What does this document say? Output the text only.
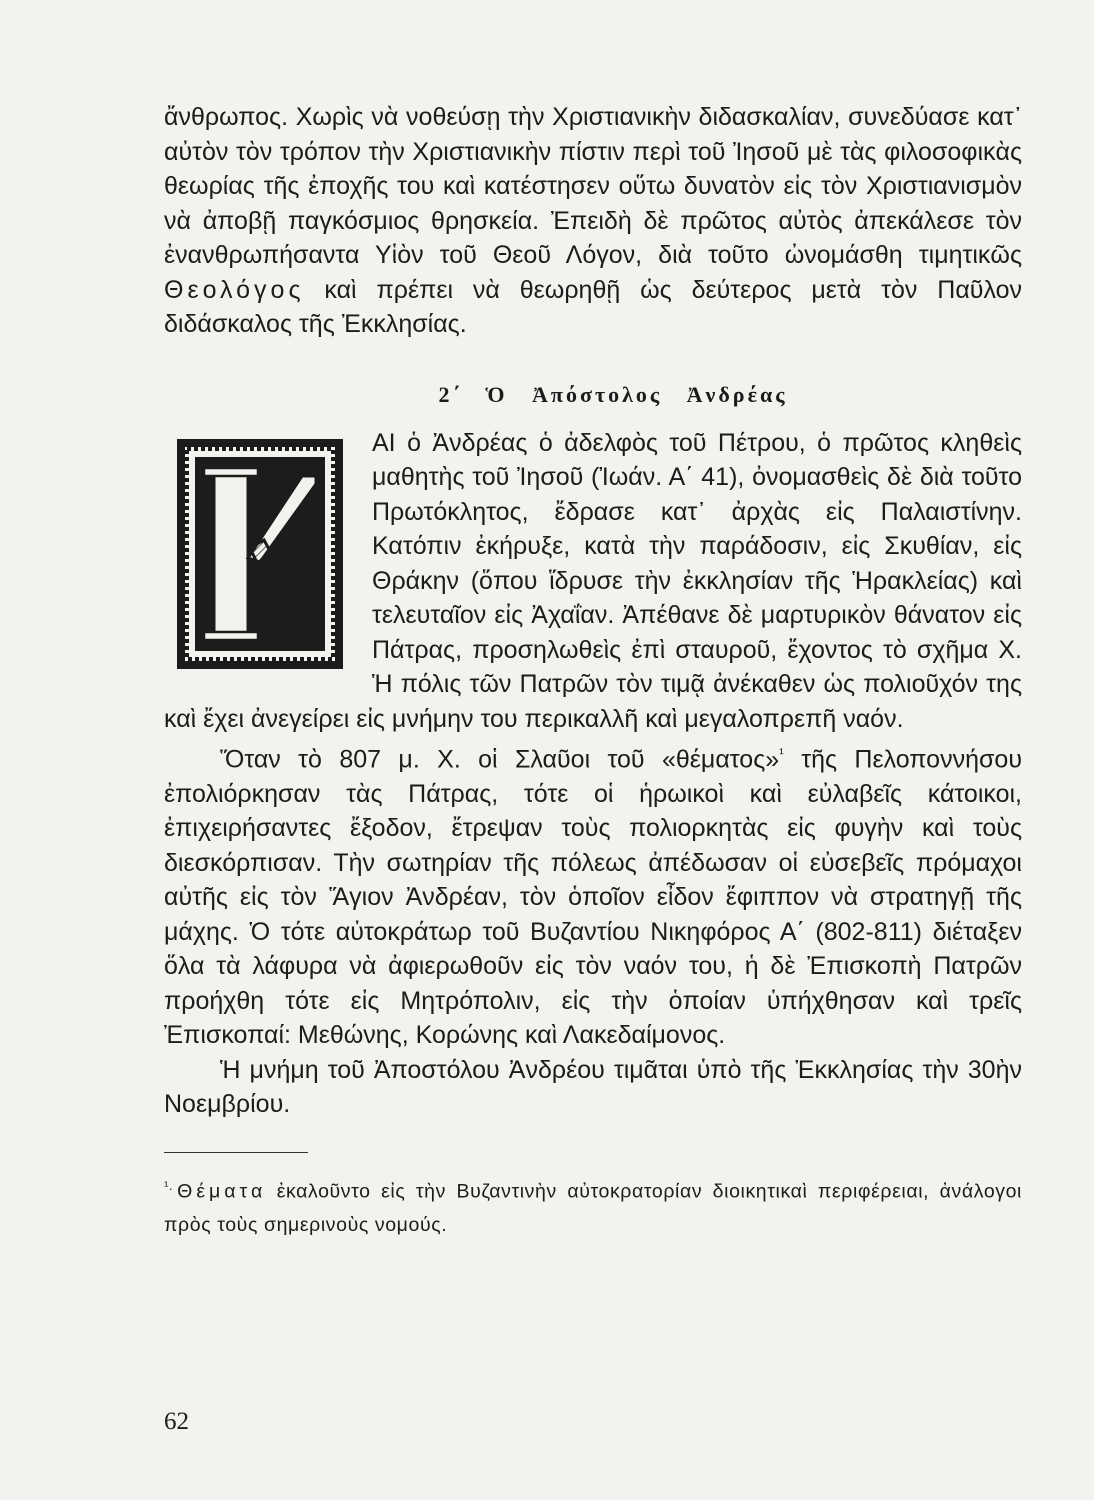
ἄνθρωπος. Χωρὶς νὰ νοθεύσῃ τὴν Χριστιανικὴν διδασκαλίαν, συνεδύασε κατ᾿ αὐτὸν τὸν τρόπον τὴν Χριστιανικὴν πίστιν περὶ τοῦ Ἰησοῦ μὲ τὰς φιλοσοφικὰς θεωρίας τῆς ἐποχῆς του καὶ κατέστησεν οὕτω δυνατὸν εἰς τὸν Χριστιανισμὸν νὰ ἀποβῇ παγκόσμιος θρησκεία. Ἐπειδὴ δὲ πρῶτος αὐτὸς ἀπεκάλεσε τὸν ἐνανθρωπήσαντα Υἱὸν τοῦ Θεοῦ Λόγον, διὰ τοῦτο ὠνομάσθη τιμητικῶς Θεολόγος καὶ πρέπει νὰ θεωρηθῇ ὡς δεύτερος μετὰ τὸν Παῦλον διδάσκαλος τῆς Ἐκκλησίας.

2΄ Ὁ Ἀπόστολος Ἀνδρέας

ΑΙ ὁ Ἀνδρέας ὁ ἀδελφὸς τοῦ Πέτρου, ὁ πρῶτος κληθεὶς μαθητὴς τοῦ Ἰησοῦ (Ἰωάν. Α΄ 41), ὀνομασθεὶς δὲ διὰ τοῦτο Πρωτόκλητος, ἔδρασε κατ᾿ ἀρχὰς εἰς Παλαιστίνην. Κατόπιν ἐκήρυξε, κατὰ τὴν παράδοσιν, εἰς Σκυθίαν, εἰς Θράκην (ὅπου ἵδρυσε τὴν ἐκκλησίαν τῆς Ἡρακλείας) καὶ τελευταῖον εἰς Ἀχαΐαν. Ἀπέθανε δὲ μαρτυρικὸν θάνατον εἰς Πάτρας, προσηλωθεὶς ἐπὶ σταυροῦ, ἔχοντος τὸ σχῆμα Χ. Ἡ πόλις τῶν Πατρῶν τὸν τιμᾷ ἀνέκαθεν ὡς πολιοῦχόν της καὶ ἔχει ἀνεγείρει εἰς μνήμην του περικαλλῆ καὶ μεγαλοπρεπῆ ναόν.

Ὅταν τὸ 807 μ. Χ. οἱ Σλαῦοι τοῦ «θέματος»$^{^1}$ τῆς Πελοποννήσου ἐπολιόρκησαν τὰς Πάτρας, τότε οἱ ἡρωικοὶ καὶ εὐλαβεῖς κάτοικοι, ἐπιχειρήσαντες ἔξοδον, ἔτρεψαν τοὺς πολιορκητὰς εἰς φυγὴν καὶ τοὺς διεσκόρπισαν. Τὴν σωτηρίαν τῆς πόλεως ἀπέδωσαν οἱ εὐσεβεῖς πρόμαχοι αὐτῆς εἰς τὸν Ἅγιον Ἀνδρέαν, τὸν ὁποῖον εἶδον ἔφιππον νὰ στρατηγῇ τῆς μάχης. Ὁ τότε αὐτοκράτωρ τοῦ Βυζαντίου Νικηφόρος Α΄ (802-811) διέταξεν ὅλα τὰ λάφυρα νὰ ἀφιερωθοῦν εἰς τὸν ναόν του, ἡ δὲ Ἐπισκοπὴ Πατρῶν προήχθη τότε εἰς Μητρόπολιν, εἰς τὴν ὁποίαν ὑπήχθησαν καὶ τρεῖς Ἐπισκοπαί: Μεθώνης, Κορώνης καὶ Λακεδαίμονος.

Ἡ μνήμη τοῦ Ἀποστόλου Ἀνδρέου τιμᾶται ὑπὸ τῆς Ἐκκλησίας τὴν 30ὴν Νοεμβρίου.

$^{^1.}$ Θέματα ἐκαλοῦντο εἰς τὴν Βυζαντινὴν αὐτοκρατορίαν διοικητικαὶ περιφέρειαι, ἀνάλογοι πρὸς τοὺς σημερινοὺς νομούς.

62
